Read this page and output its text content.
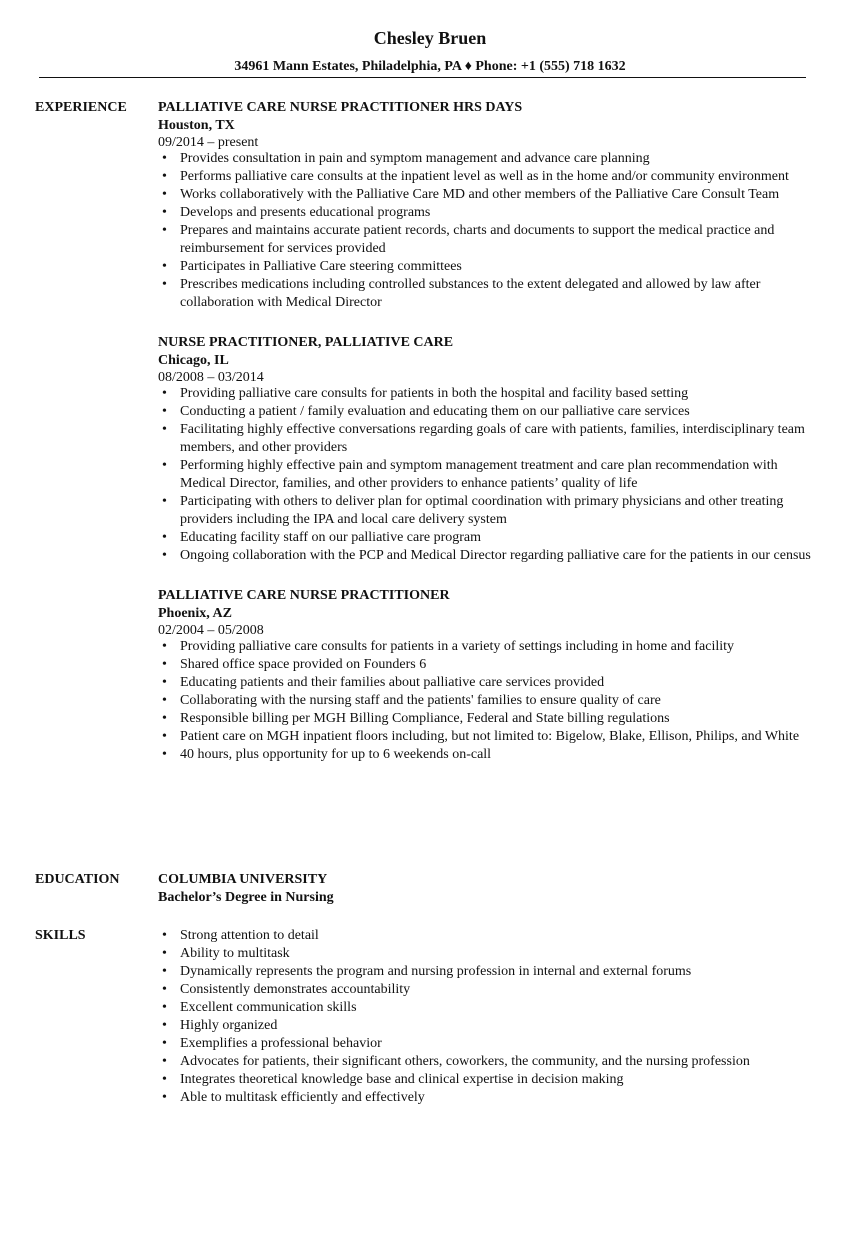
Chesley Bruen
34961 Mann Estates, Philadelphia, PA ♦ Phone: +1 (555) 718 1632
EXPERIENCE	PALLIATIVE CARE NURSE PRACTITIONER HRS DAYS
Houston, TX
09/2014 – present
• Provides consultation in pain and symptom management and advance care planning
• Performs palliative care consults at the inpatient level as well as in the home and/or community environment
• Works collaboratively with the Palliative Care MD and other members of the Palliative Care Consult Team
• Develops and presents educational programs
• Prepares and maintains accurate patient records, charts and documents to support the medical practice and reimbursement for services provided
• Participates in Palliative Care steering committees
• Prescribes medications including controlled substances to the extent delegated and allowed by law after collaboration with Medical Director
NURSE PRACTITIONER, PALLIATIVE CARE
Chicago, IL
08/2008 – 03/2014
• Providing palliative care consults for patients in both the hospital and facility based setting
• Conducting a patient / family evaluation and educating them on our palliative care services
• Facilitating highly effective conversations regarding goals of care with patients, families, interdisciplinary team members, and other providers
• Performing highly effective pain and symptom management treatment and care plan recommendation with Medical Director, families, and other providers to enhance patients’ quality of life
• Participating with others to deliver plan for optimal coordination with primary physicians and other treating providers including the IPA and local care delivery system
• Educating facility staff on our palliative care program
• Ongoing collaboration with the PCP and Medical Director regarding palliative care for the patients in our census
PALLIATIVE CARE NURSE PRACTITIONER
Phoenix, AZ
02/2004 – 05/2008
• Providing palliative care consults for patients in a variety of settings including in home and facility
• Shared office space provided on Founders 6
• Educating patients and their families about palliative care services provided
• Collaborating with the nursing staff and the patients' families to ensure quality of care
• Responsible billing per MGH Billing Compliance, Federal and State billing regulations
• Patient care on MGH inpatient floors including, but not limited to: Bigelow, Blake, Ellison, Philips, and White
• 40 hours, plus opportunity for up to 6 weekends on-call
EDUCATION	COLUMBIA UNIVERSITY
Bachelor’s Degree in Nursing
SKILLS	• Strong attention to detail
• Ability to multitask
• Dynamically represents the program and nursing profession in internal and external forums
• Consistently demonstrates accountability
• Excellent communication skills
• Highly organized
• Exemplifies a professional behavior
• Advocates for patients, their significant others, coworkers, the community, and the nursing profession
• Integrates theoretical knowledge base and clinical expertise in decision making
• Able to multitask efficiently and effectively
